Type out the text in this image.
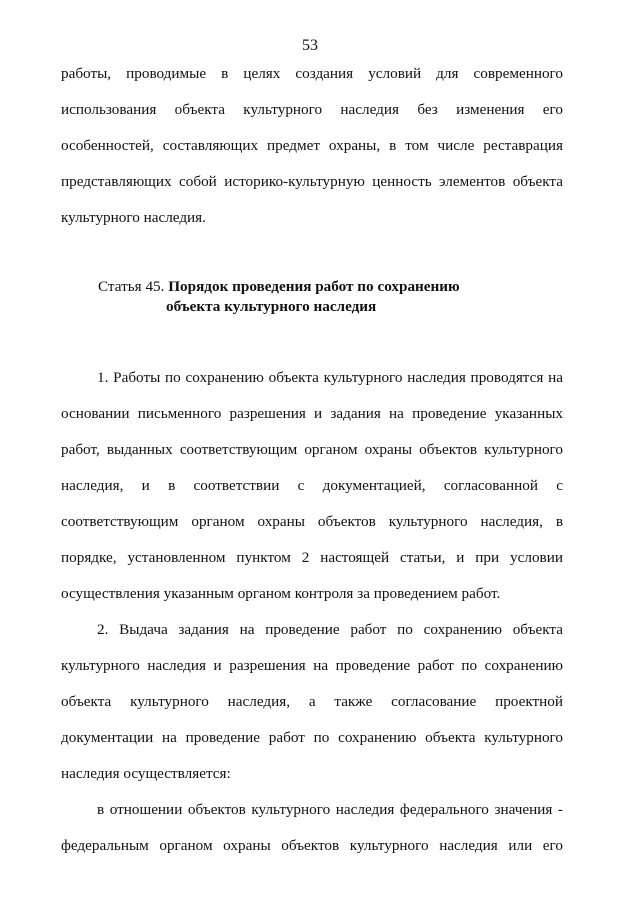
53
работы, проводимые в целях создания условий для современного
использования объекта культурного наследия без изменения его
особенностей, составляющих предмет охраны, в том числе реставрация
представляющих собой историко-культурную ценность элементов объекта
культурного наследия.
Статья 45. Порядок проведения работ по сохранению
объекта культурного наследия
1. Работы по сохранению объекта культурного наследия проводятся на
основании письменного разрешения и задания на проведение указанных
работ, выданных соответствующим органом охраны объектов культурного
наследия, и в соответствии с документацией, согласованной с
соответствующим органом охраны объектов культурного наследия, в
порядке, установленном пунктом 2 настоящей статьи, и при условии
осуществления указанным органом контроля за проведением работ.
2. Выдача задания на проведение работ по сохранению объекта
культурного наследия и разрешения на проведение работ по сохранению
объекта культурного наследия, а также согласование проектной
документации на проведение работ по сохранению объекта культурного
наследия осуществляется:
в отношении объектов культурного наследия федерального значения -
федеральным органом охраны объектов культурного наследия или его
